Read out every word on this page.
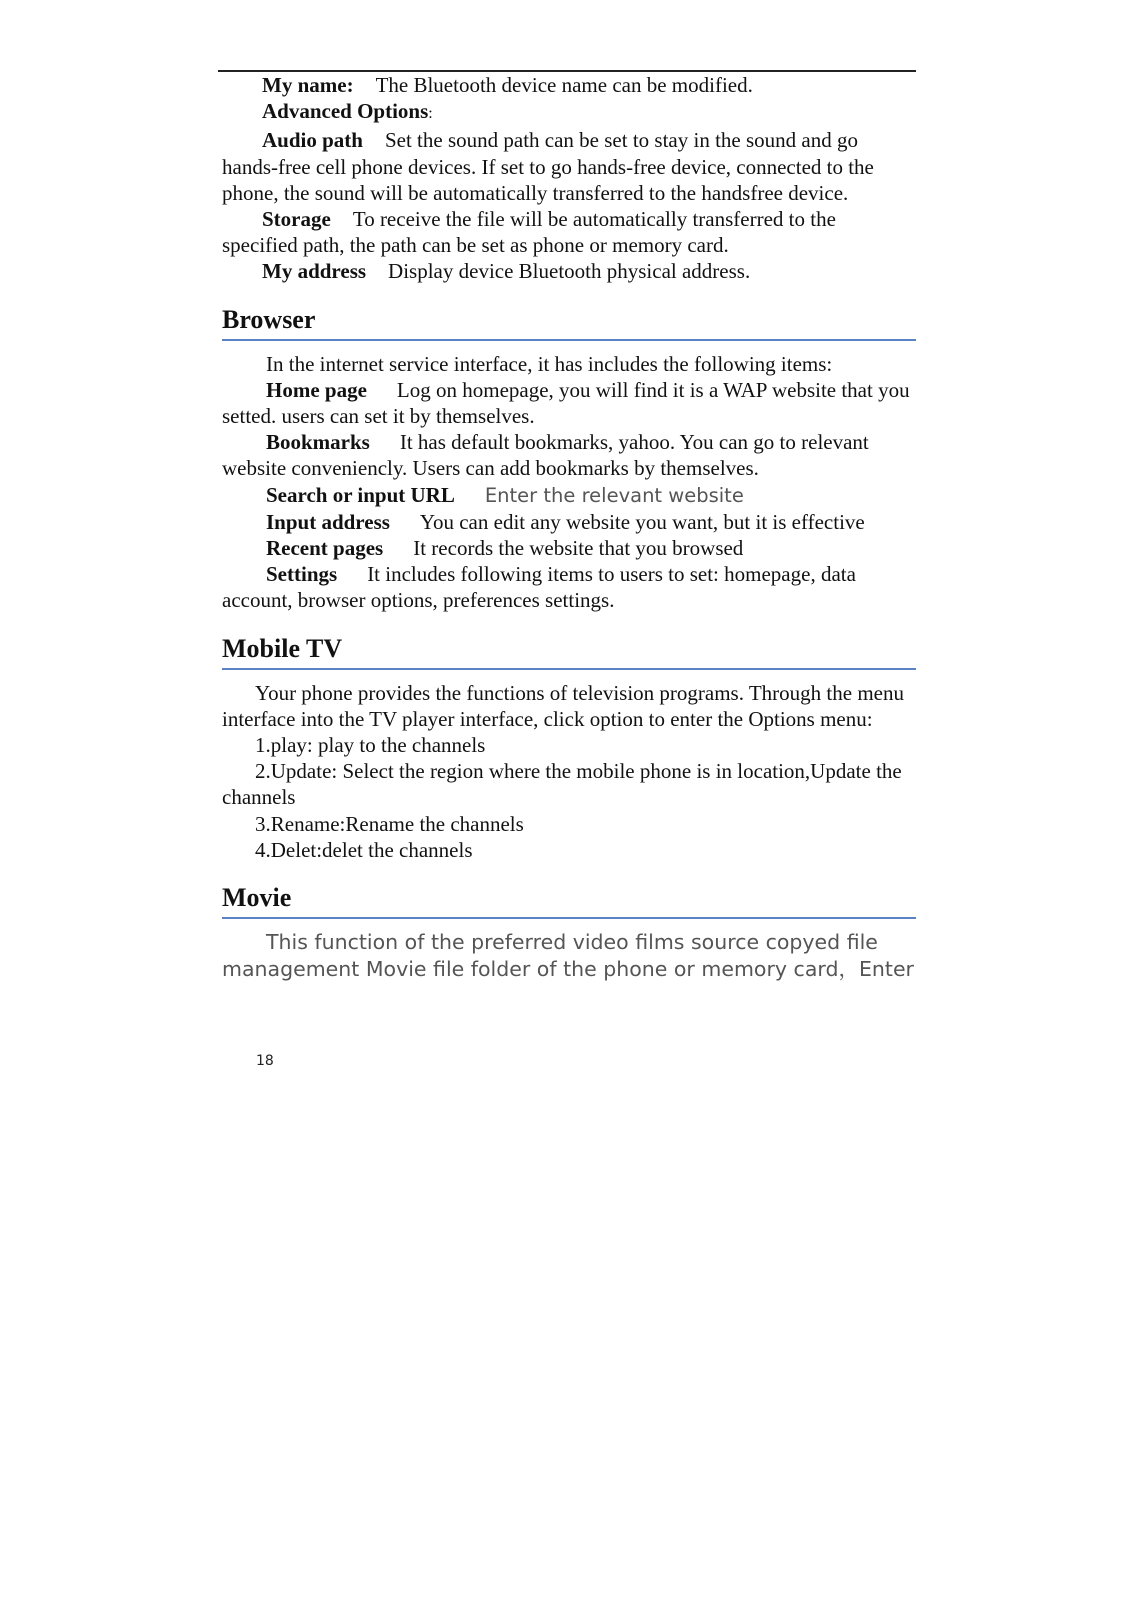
My name: The Bluetooth device name can be modified.

Advanced Options:

Audio path Set the sound path can be set to stay in the sound and go hands-free cell phone devices. If set to go hands-free device, connected to the phone, the sound will be automatically transferred to the handsfree device.

Storage To receive the file will be automatically transferred to the specified path, the path can be set as phone or memory card.

My address Display device Bluetooth physical address.

Browser

In the internet service interface, it has includes the following items:

Home page Log on homepage, you will find it is a WAP website that you setted. users can set it by themselves.

Bookmarks It has default bookmarks, yahoo. You can go to relevant website conveniencly. Users can add bookmarks by themselves.

Search or input URL Enter the relevant website

Input address You can edit any website you want, but it is effective

Recent pages It records the website that you browsed

Settings It includes following items to users to set: homepage, data account, browser options, preferences settings.

Mobile TV

Your phone provides the functions of television programs. Through the menu interface into the TV player interface, click option to enter the Options menu:

1.play: play to the channels

2.Update: Select the region where the mobile phone is in location,Update the channels

3.Rename:Rename the channels

4.Delet:delet the channels

Movie

This function of the preferred video films source copyed file management Movie file folder of the phone or memory card，Enter

18
